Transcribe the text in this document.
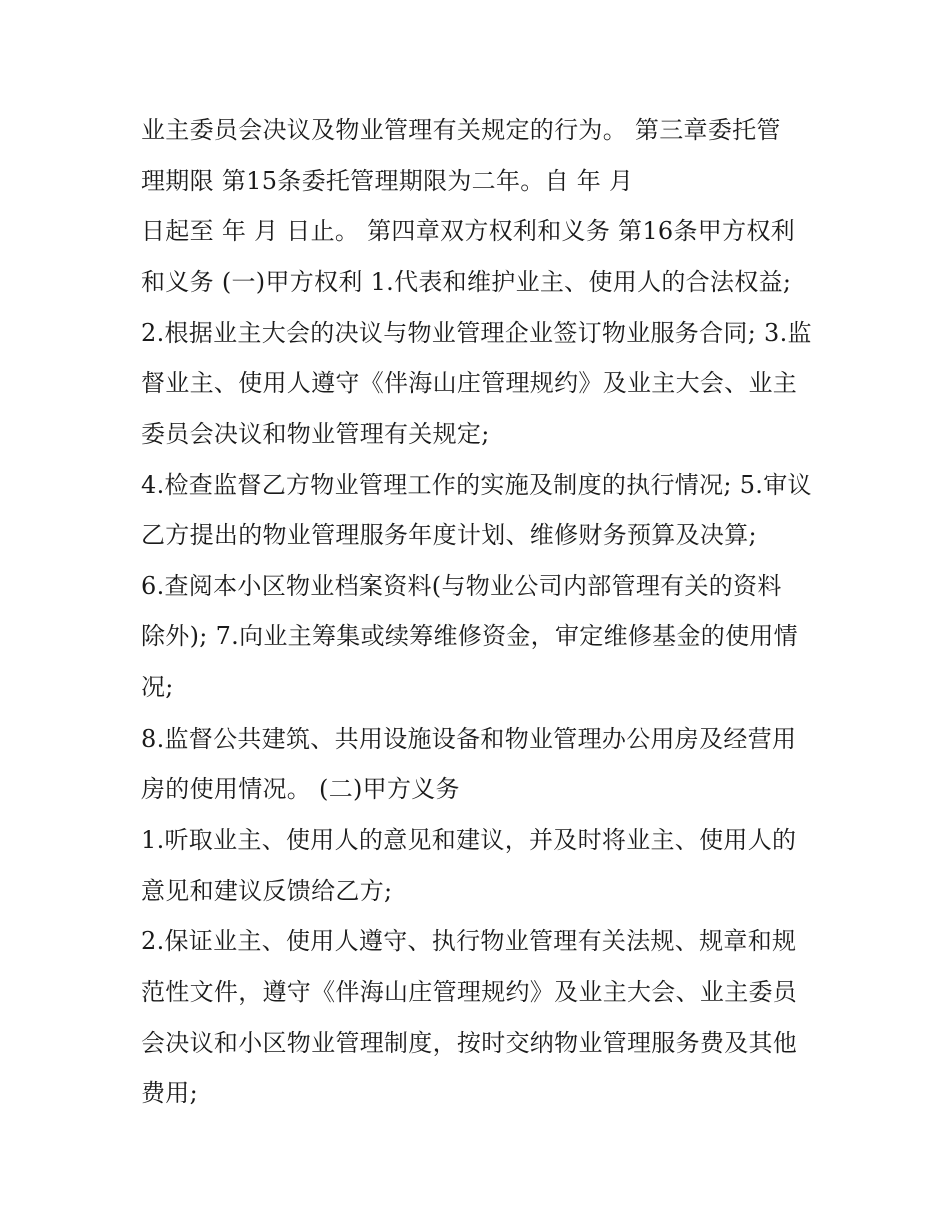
业主委员会决议及物业管理有关规定的行为。 第三章委托管
理期限 第15条委托管理期限为二年。自 年 月
日起至 年 月 日止。 第四章双方权利和义务 第16条甲方权利
和义务 (一)甲方权利 1.代表和维护业主、使用人的合法权益;
2.根据业主大会的决议与物业管理企业签订物业服务合同; 3.监
督业主、使用人遵守《伴海山庄管理规约》及业主大会、业主
委员会决议和物业管理有关规定;
4.检查监督乙方物业管理工作的实施及制度的执行情况; 5.审议
乙方提出的物业管理服务年度计划、维修财务预算及决算;
6.查阅本小区物业档案资料(与物业公司内部管理有关的资料
除外); 7.向业主筹集或续筹维修资金，审定维修基金的使用情
况;
8.监督公共建筑、共用设施设备和物业管理办公用房及经营用
房的使用情况。 (二)甲方义务
1.听取业主、使用人的意见和建议，并及时将业主、使用人的
意见和建议反馈给乙方;
2.保证业主、使用人遵守、执行物业管理有关法规、规章和规
范性文件，遵守《伴海山庄管理规约》及业主大会、业主委员
会决议和小区物业管理制度，按时交纳物业管理服务费及其他
费用;
